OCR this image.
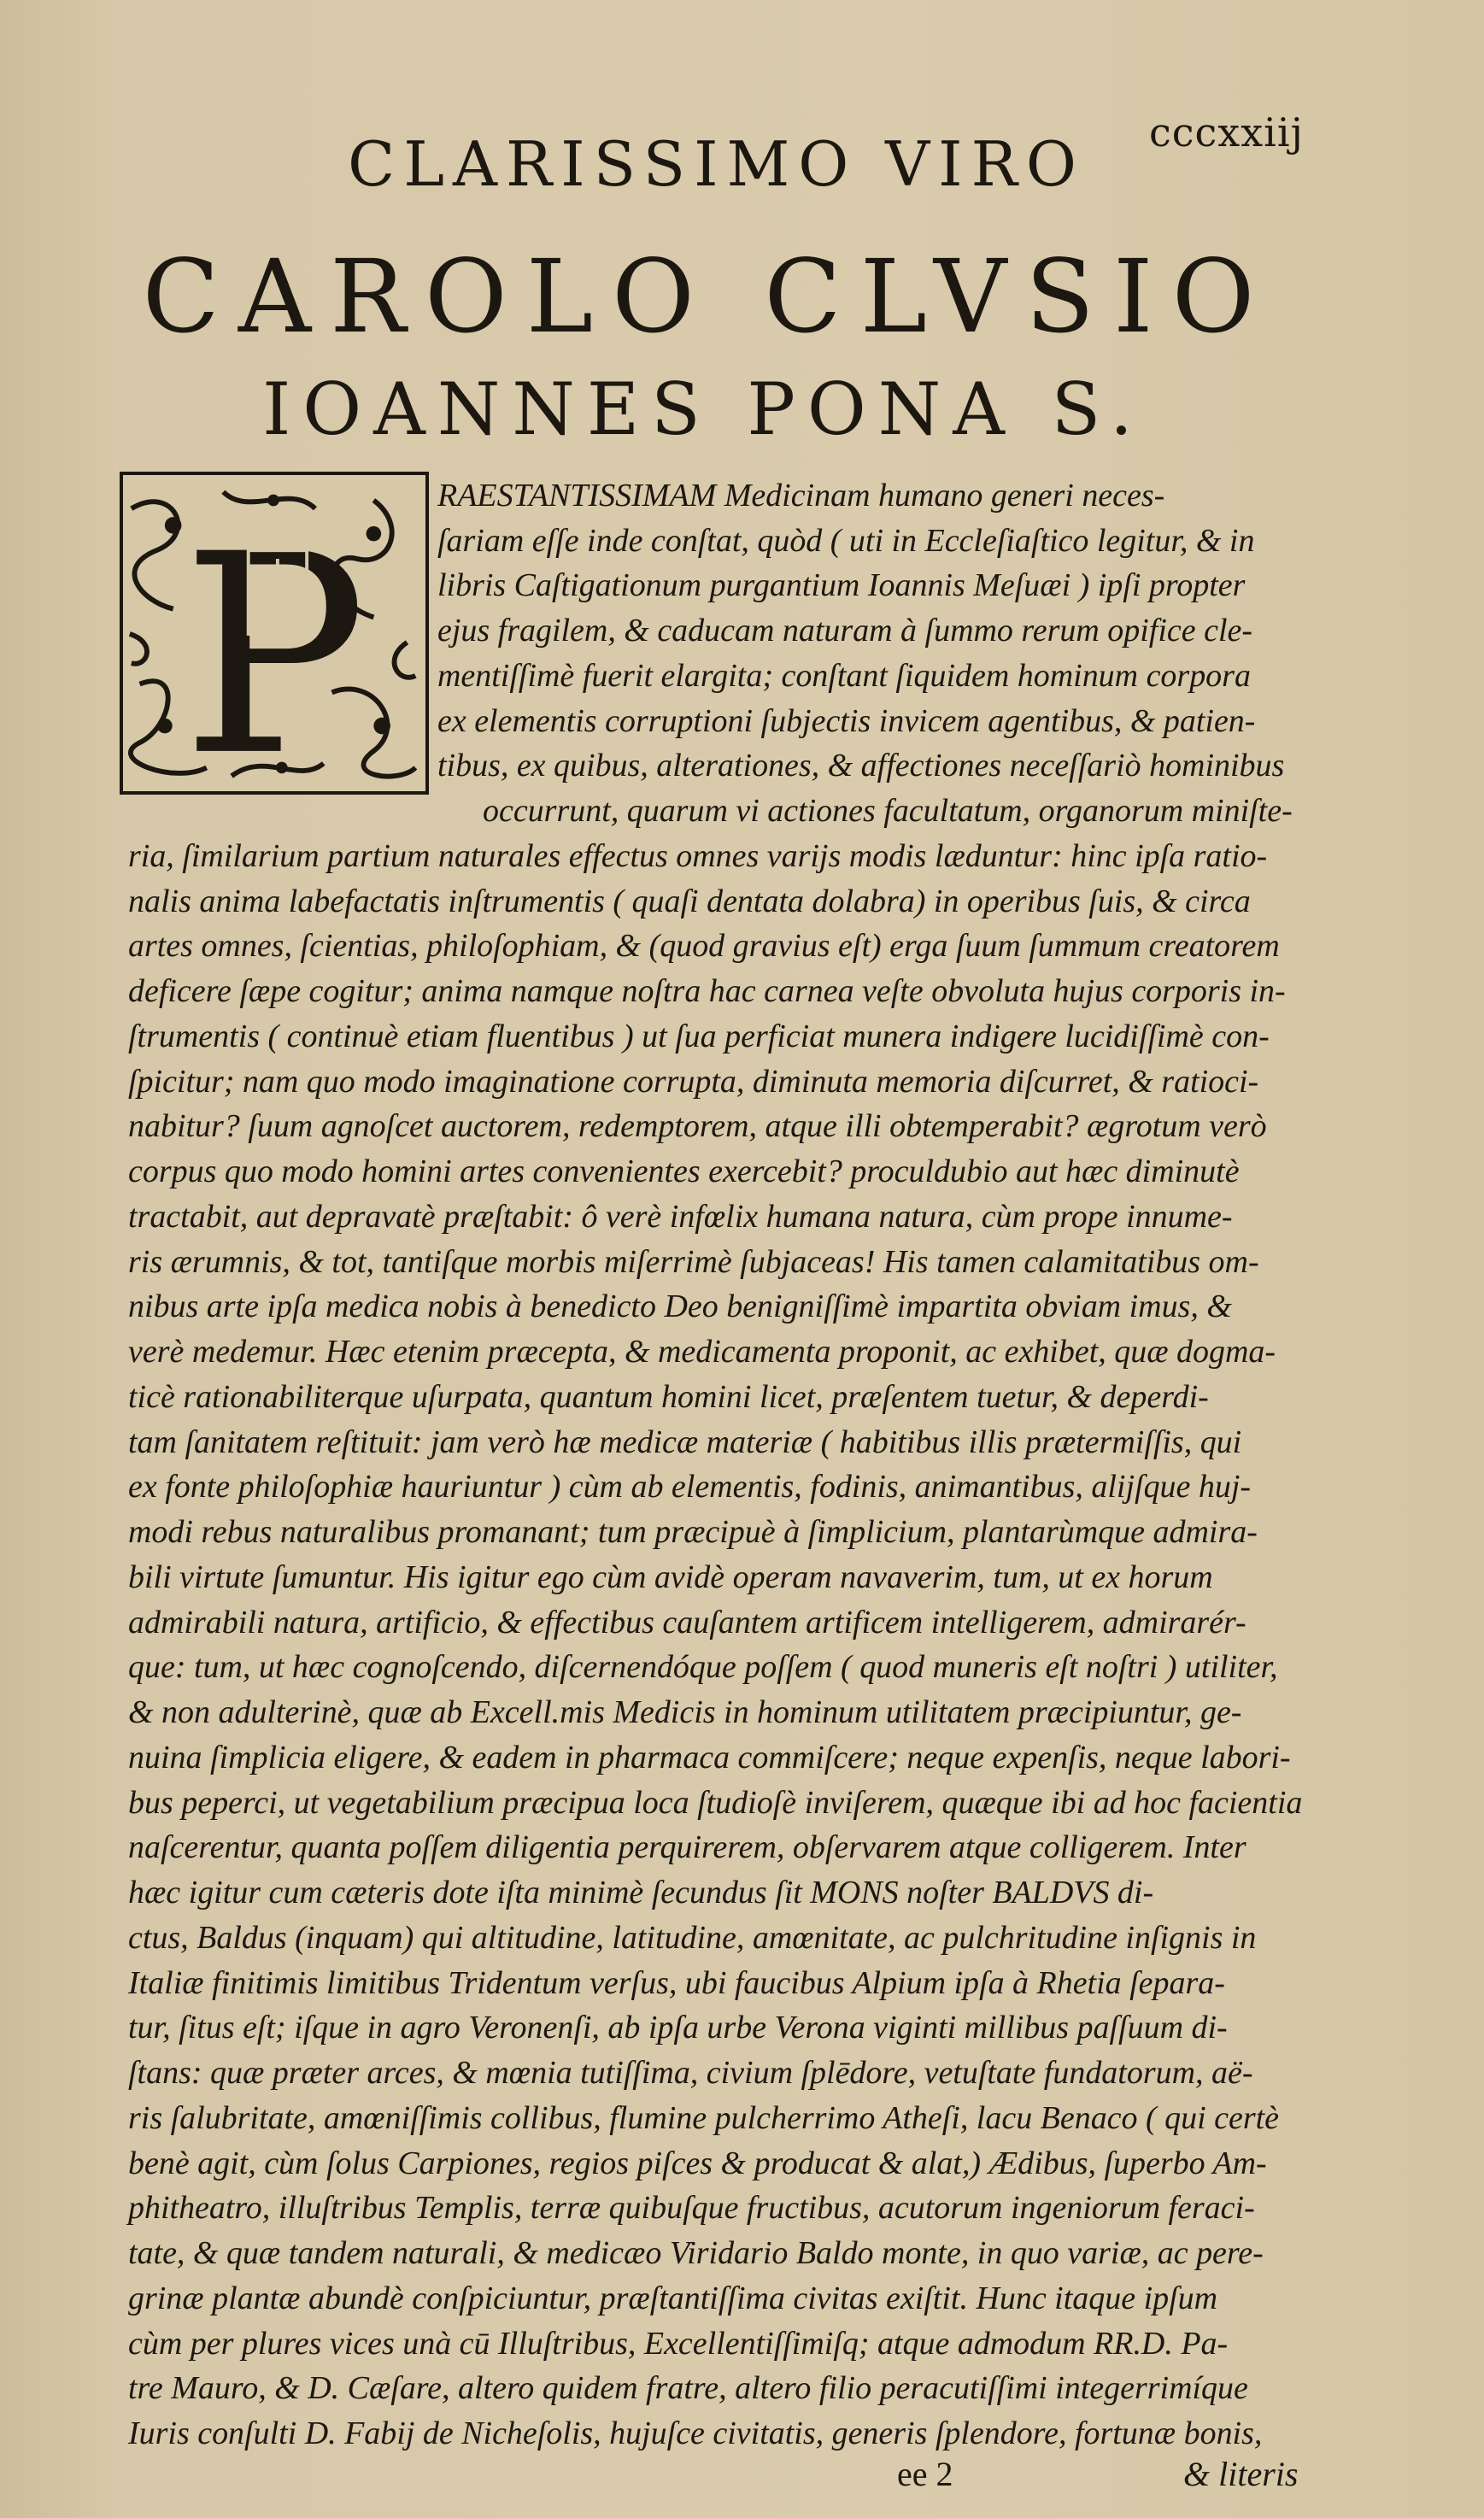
cccxxiij
CLARISSIMO VIRO
CAROLO CLVSIO
IOANNES PONA S.
P RAESTANTISSIMAM Medicinam humano generi neces-
ſariam eſſe inde conſtat, quòd ( uti in Eccleſiaſtico legitur, & in
libris Caſtigationum purgantium Ioannis Meſuæi ) ipſi propter
ejus fragilem, & caducam naturam à ſummo rerum opifice cle-
mentiſſimè fuerit elargita; conſtant ſiquidem hominum corpora
ex elementis corruptioni ſubjectis invicem agentibus, & patien-
tibus, ex quibus, alterationes, & affectiones neceſſariò hominibus
occurrunt, quarum vi actiones facultatum, organorum miniſte-
ria, ſimilarium partium naturales effectus omnes varijs modis læduntur: hinc ipſa ratio-
nalis anima labefactatis inſtrumentis ( quaſi dentata dolabra) in operibus ſuis, & circa
artes omnes, ſcientias, philoſophiam, & (quod gravius eſt) erga ſuum ſummum creatorem
deficere ſæpe cogitur; anima namque noſtra hac carnea veſte obvoluta hujus corporis in-
ſtrumentis ( continuè etiam fluentibus ) ut ſua perficiat munera indigere lucidiſſimè con-
ſpicitur; nam quo modo imaginatione corrupta, diminuta memoria diſcurret, & ratioci-
nabitur? ſuum agnoſcet auctorem, redemptorem, atque illi obtemperabit? ægrotum verò
corpus quo modo homini artes convenientes exercebit? proculdubio aut hæc diminutè
tractabit, aut depravatè præſtabit: ô verè infœlix humana natura, cùm prope innume-
ris ærumnis, & tot, tantiſque morbis miſerrimè ſubjaceas! His tamen calamitatibus om-
nibus arte ipſa medica nobis à benedicto Deo benigniſſimè impartita obviam imus, &
verè medemur. Hæc etenim præcepta, & medicamenta proponit, ac exhibet, quæ dogma-
ticè rationabiliterque uſurpata, quantum homini licet, præſentem tuetur, & deperdi-
tam ſanitatem reſtituit: jam verò hæ medicæ materiæ ( habitibus illis prætermiſſis, qui
ex fonte philoſophiæ hauriuntur ) cùm ab elementis, fodinis, animantibus, alijſque huj-
modi rebus naturalibus promanant; tum præcipuè à ſimplicium, plantarùmque admira-
bili virtute ſumuntur. His igitur ego cùm avidè operam navaverim, tum, ut ex horum
admirabili natura, artificio, & effectibus cauſantem artificem intelligerem, admirarér-
que: tum, ut hæc cognoſcendo, diſcernendóque poſſem ( quod muneris eſt noſtri ) utiliter,
& non adulterinè, quæ ab Excell.mis Medicis in hominum utilitatem præcipiuntur, ge-
nuina ſimplicia eligere, & eadem in pharmaca commiſcere; neque expenſis, neque labori-
bus peperci, ut vegetabilium præcipua loca ſtudioſè inviſerem, quæque ibi ad hoc facientia
naſcerentur, quanta poſſem diligentia perquirerem, obſervarem atque colligerem. Inter
hæc igitur cum cæteris dote iſta minimè ſecundus ſit MONS noſter BALDVS di-
ctus, Baldus (inquam) qui altitudine, latitudine, amœnitate, ac pulchritudine inſignis in
Italiæ finitimis limitibus Tridentum verſus, ubi faucibus Alpium ipſa à Rhetia ſepara-
tur, ſitus eſt; iſque in agro Veronenſi, ab ipſa urbe Verona viginti millibus paſſuum di-
ſtans: quæ præter arces, & mœnia tutiſſima, civium ſplēdore, vetuſtate fundatorum, aë-
ris ſalubritate, amœniſſimis collibus, flumine pulcherrimo Atheſi, lacu Benaco ( qui certè
benè agit, cùm ſolus Carpiones, regios piſces & producat & alat,) Ædibus, ſuperbo Am-
phitheatro, illuſtribus Templis, terræ quibuſque fructibus, acutorum ingeniorum feraci-
tate, & quæ tandem naturali, & medicæo Viridario Baldo monte, in quo variæ, ac pere-
grinæ plantæ abundè conſpiciuntur, præſtantiſſima civitas exiſtit. Hunc itaque ipſum
cùm per plures vices unà cū Illuſtribus, Excellentiſſimiſq; atque admodum RR.D. Pa-
tre Mauro, & D. Cæſare, altero quidem fratre, altero filio peracutiſſimi integerrimíque
Iuris conſulti D. Fabij de Nicheſolis, hujuſce civitatis, generis ſplendore, fortunæ bonis,
ee 2	& literis
